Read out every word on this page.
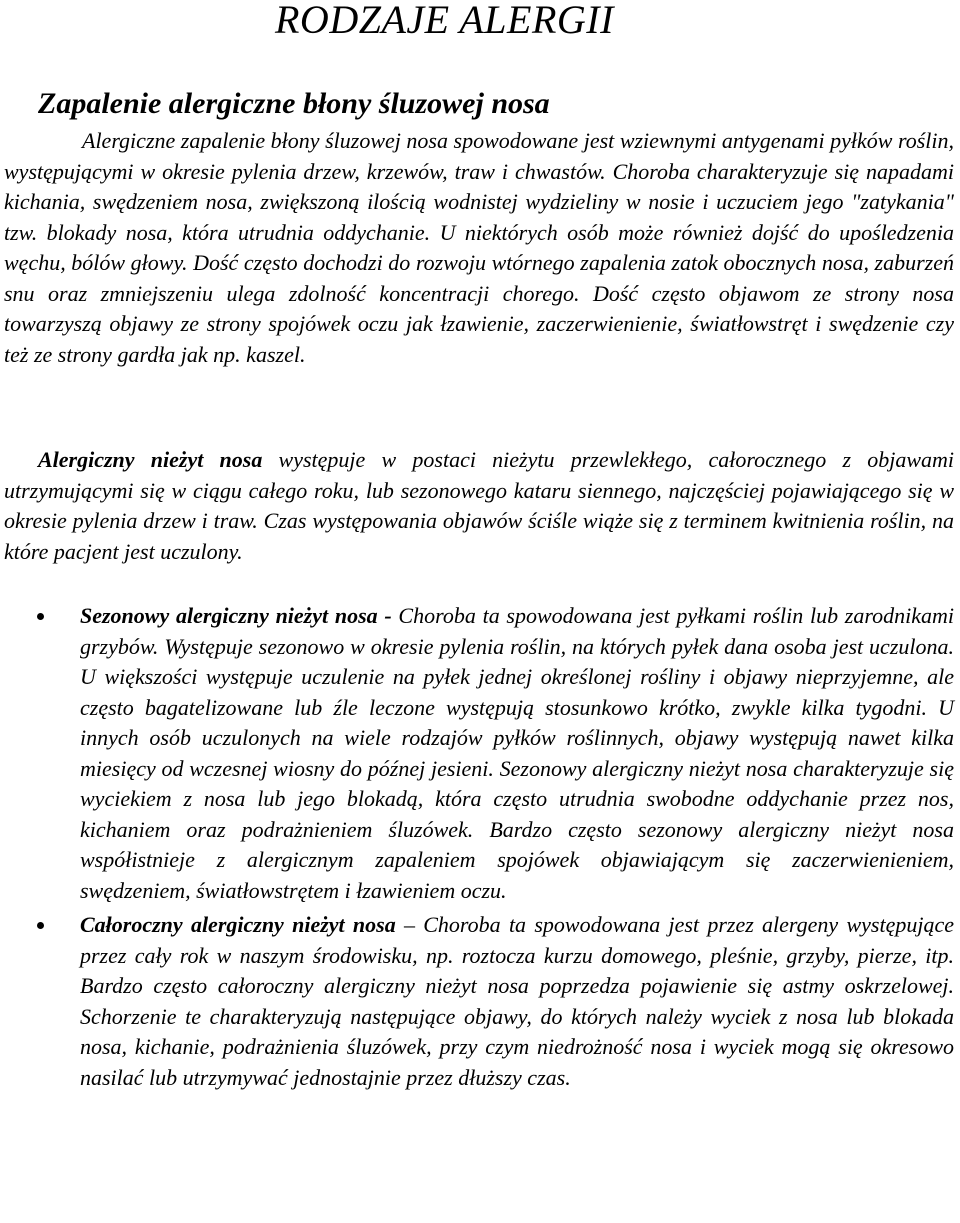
RODZAJE ALERGII
Zapalenie alergiczne błony śluzowej nosa

Alergiczne zapalenie błony śluzowej nosa spowodowane jest wziewnymi antygenami pyłków roślin, występującymi w okresie pylenia drzew, krzewów, traw i chwastów. Choroba charakteryzuje się napadami kichania, swędzeniem nosa, zwiększoną ilością wodnistej wydzieliny w nosie i uczuciem jego "zatykania" tzw. blokady nosa, która utrudnia oddychanie. U niektórych osób może również dojść do upośledzenia węchu, bólów głowy. Dość często dochodzi do rozwoju wtórnego zapalenia zatok obocznych nosa, zaburzeń snu oraz zmniejszeniu ulega zdolność koncentracji chorego. Dość często objawom ze strony nosa towarzyszą objawy ze strony spojówek oczu jak łzawienie, zaczerwienienie, światłowstręt i swędzenie czy też ze strony gardła jak np. kaszel.

Alergiczny nieżyt nosa występuje w postaci nieżytu przewlekłego, całorocznego z objawami utrzymującymi się w ciągu całego roku, lub sezonowego kataru siennego, najczęściej pojawiającego się w okresie pylenia drzew i traw. Czas występowania objawów ściśle wiąże się z terminem kwitnienia roślin, na które pacjent jest uczulony.

Sezonowy alergiczny nieżyt nosa - Choroba ta spowodowana jest pyłkami roślin lub zarodnikami grzybów. Występuje sezonowo w okresie pylenia roślin, na których pyłek dana osoba jest uczulona. U większości występuje uczulenie na pyłek jednej określonej rośliny i objawy nieprzyjemne, ale często bagatelizowane lub źle leczone występują stosunkowo krótko, zwykle kilka tygodni. U innych osób uczulonych na wiele rodzajów pyłków roślinnych, objawy występują nawet kilka miesięcy od wczesnej wiosny do późnej jesieni. Sezonowy alergiczny nieżyt nosa charakteryzuje się wyciekiem z nosa lub jego blokadą, która często utrudnia swobodne oddychanie przez nos, kichaniem oraz podrażnieniem śluzówek. Bardzo często sezonowy alergiczny nieżyt nosa współistnieje z alergicznym zapaleniem spojówek objawiającym się zaczerwienieniem, swędzeniem, światłowstrętem i łzawieniem oczu.
Całoroczny alergiczny nieżyt nosa – Choroba ta spowodowana jest przez alergeny występujące przez cały rok w naszym środowisku, np. roztocza kurzu domowego, pleśnie, grzyby, pierze, itp. Bardzo często całoroczny alergiczny nieżyt nosa poprzedza pojawienie się astmy oskrzelowej. Schorzenie te charakteryzują następujące objawy, do których należy wyciek z nosa lub blokada nosa, kichanie, podrażnienia śluzówek, przy czym niedrożność nosa i wyciek mogą się okresowo nasilać lub utrzymywać jednostajnie przez dłuższy czas.
